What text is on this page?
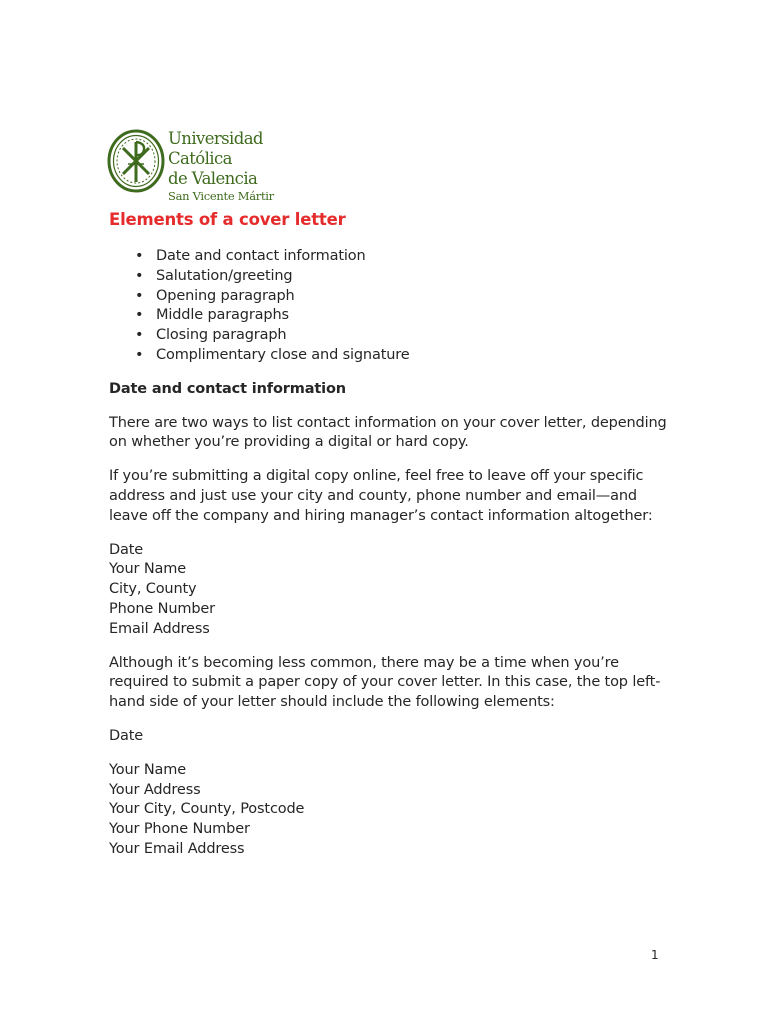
Universidad
Católica
de Valencia
San Vicente Mártir
Elements of a cover letter
• Date and contact information
• Salutation/greeting
• Opening paragraph
• Middle paragraphs
• Closing paragraph
• Complimentary close and signature
Date and contact information

There are two ways to list contact information on your cover letter, depending on whether you’re providing a digital or hard copy.

If you’re submitting a digital copy online, feel free to leave off your specific address and just use your city and county, phone number and email—and leave off the company and hiring manager’s contact information altogether:

Date
Your Name
City, County
Phone Number
Email Address

Although it’s becoming less common, there may be a time when you’re required to submit a paper copy of your cover letter. In this case, the top left-hand side of your letter should include the following elements:

Date
Your Name
Your Address
Your City, County, Postcode
Your Phone Number
Your Email Address
1
